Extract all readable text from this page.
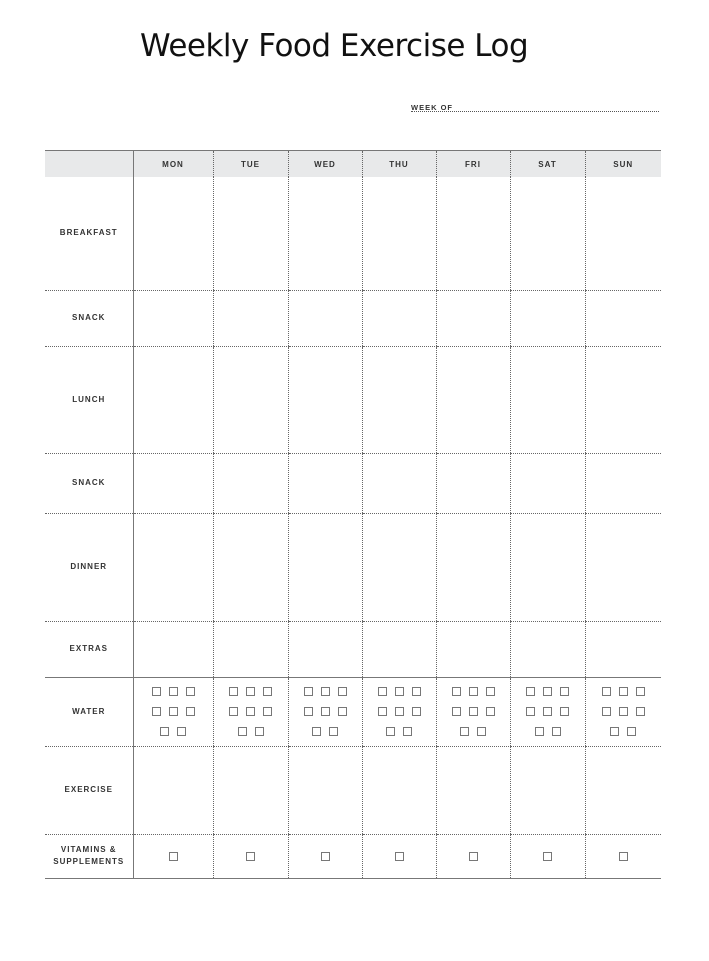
Weekly Food Exercise Log
WEEK OF
	MON	TUE	WED	THU	FRI	SAT	SUN
BREAKFAST							
SNACK							
LUNCH							
SNACK							
DINNER							
EXTRAS							
WATER	

EXERCISE							
VITAMINS &
SUPPLEMENTS							
